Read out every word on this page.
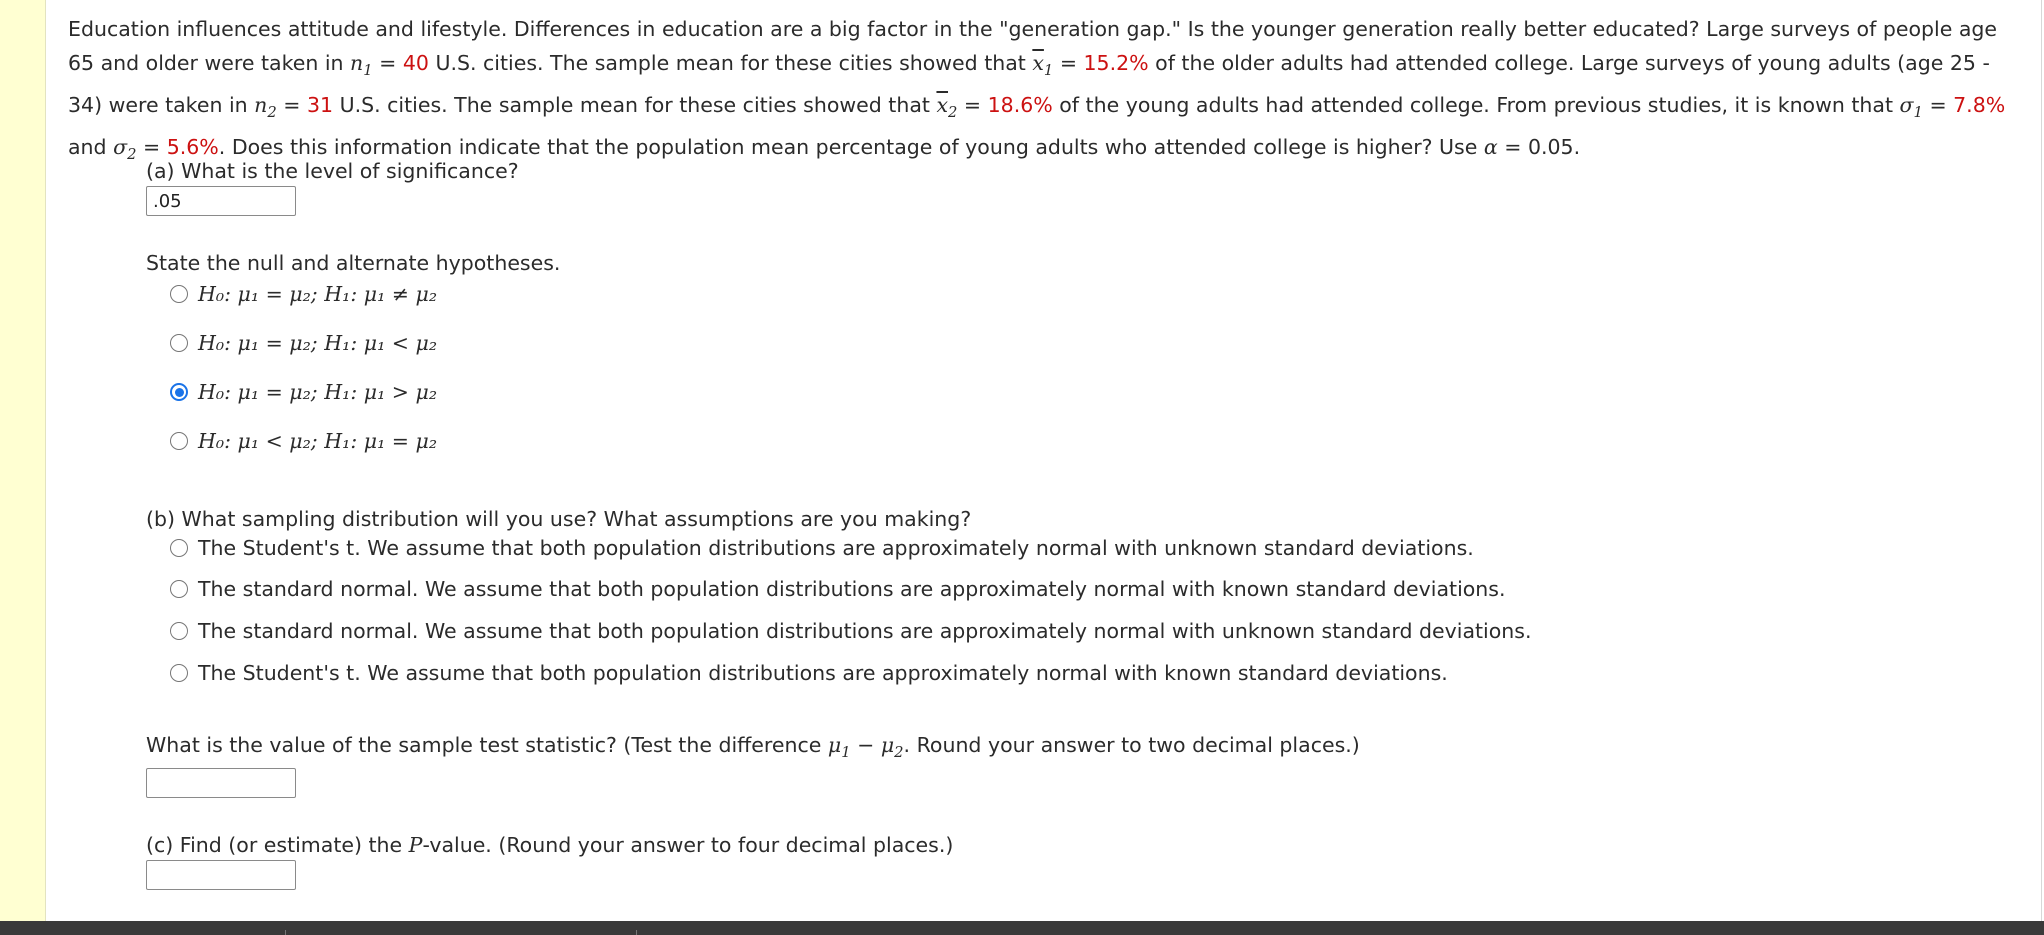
Education influences attitude and lifestyle. Differences in education are a big factor in the "generation gap." Is the younger generation really better educated? Large surveys of people age 65 and older were taken in $n_1 = 40$ U.S. cities. The sample mean for these cities showed that $\overline{x}_1 = 15.2\%$ of the older adults had attended college. Large surveys of young adults (age 25 - 34) were taken in $n_2 = 31$ U.S. cities. The sample mean for these cities showed that $\overline{x}_2 = 18.6\%$ of the young adults had attended college. From previous studies, it is known that $\sigma_1 = 7.8\%$ and $\sigma_2 = 5.6\%$. Does this information indicate that the population mean percentage of young adults who attended college is higher? Use α = 0.05.

(a) What is the level of significance?
.05
State the null and alternate hypotheses.
H₀: μ₁ = μ₂; H₁: μ₁ ≠ μ₂
H₀: μ₁ = μ₂; H₁: μ₁ < μ₂
H₀: μ₁ = μ₂; H₁: μ₁ > μ₂
H₀: μ₁ < μ₂; H₁: μ₁ = μ₂
(b) What sampling distribution will you use? What assumptions are you making?
The Student's t. We assume that both population distributions are approximately normal with unknown standard deviations.
The standard normal. We assume that both population distributions are approximately normal with known standard deviations.
The standard normal. We assume that both population distributions are approximately normal with unknown standard deviations.
The Student's t. We assume that both population distributions are approximately normal with known standard deviations.
What is the value of the sample test statistic? (Test the difference $\mu_1 - \mu_2$. Round your answer to two decimal places.)
(c) Find (or estimate) the P-value. (Round your answer to four decimal places.)
